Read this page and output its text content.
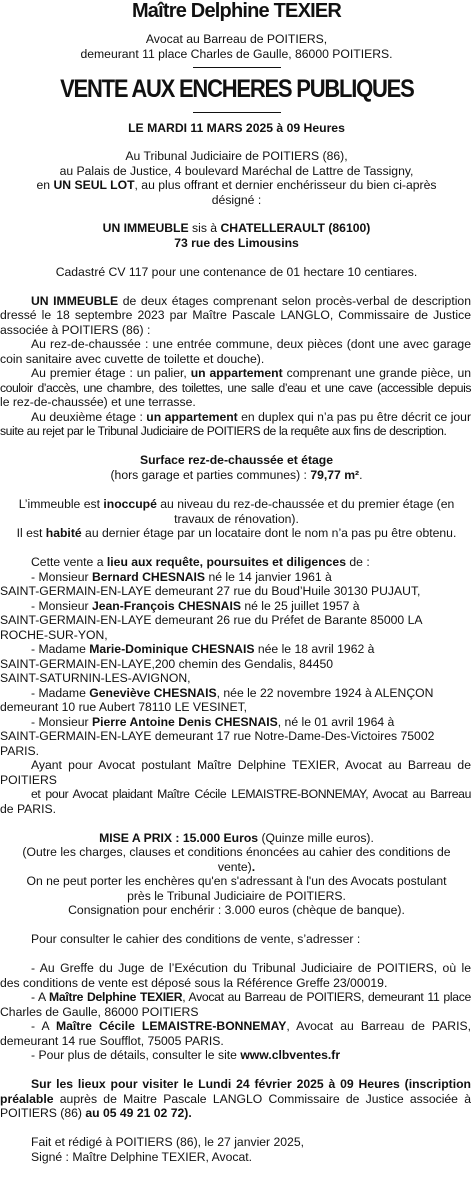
Maître Delphine TEXIER
Avocat au Barreau de POITIERS,
demeurant 11 place Charles de Gaulle, 86000 POITIERS.
VENTE AUX ENCHERES PUBLIQUES
LE MARDI 11 MARS 2025 à 09 Heures
Au Tribunal Judiciaire de POITIERS (86),
au Palais de Justice, 4 boulevard Maréchal de Lattre de Tassigny,
en UN SEUL LOT, au plus offrant et dernier enchérisseur du bien ci-après
désigné :
UN IMMEUBLE sis à CHATELLERAULT (86100)
73 rue des Limousins
Cadastré CV 117 pour une contenance de 01 hectare 10 centiares.
UN IMMEUBLE de deux étages comprenant selon procès-verbal de description
dressé le 18 septembre 2023 par Maître Pascale LANGLO, Commissaire de Justice
associée à POITIERS (86) :
Au rez-de-chaussée : une entrée commune, deux pièces (dont une avec garage
coin sanitaire avec cuvette de toilette et douche).
Au premier étage : un palier, un appartement comprenant une grande pièce, un
couloir d’accès, une chambre, des toilettes, une salle d’eau et une cave (accessible depuis
le rez-de-chaussée) et une terrasse.
Au deuxième étage : un appartement en duplex qui n’a pas pu être décrit ce jour
suite au rejet par le Tribunal Judiciaire de POITIERS de la requête aux fins de description.
Surface rez-de-chaussée et étage
(hors garage et parties communes) : 79,77 m².
L’immeuble est inoccupé au niveau du rez-de-chaussée et du premier étage (en
travaux de rénovation).
Il est habité au dernier étage par un locataire dont le nom n’a pas pu être obtenu.
Cette vente a lieu aux requête, poursuites et diligences de :
- Monsieur Bernard CHESNAIS né le 14 janvier 1961 à
SAINT-GERMAIN-EN-LAYE demeurant 27 rue du Boud’Huile 30130 PUJAUT,
- Monsieur Jean-François CHESNAIS né le 25 juillet 1957 à
SAINT-GERMAIN-EN-LAYE demeurant 26 rue du Préfet de Barante 85000 LA
ROCHE-SUR-YON,
- Madame Marie-Dominique CHESNAIS née le 18 avril 1962 à
SAINT-GERMAIN-EN-LAYE,200 chemin des Gendalis, 84450
SAINT-SATURNIN-LES-AVIGNON,
- Madame Geneviève CHESNAIS, née le 22 novembre 1924 à ALENÇON
demeurant 10 rue Aubert 78110 LE VESINET,
- Monsieur Pierre Antoine Denis CHESNAIS, né le 01 avril 1964 à
SAINT-GERMAIN-EN-LAYE demeurant 17 rue Notre-Dame-Des-Victoires 75002
PARIS.
Ayant pour Avocat postulant Maître Delphine TEXIER, Avocat au Barreau de
POITIERS
et pour Avocat plaidant Maître Cécile LEMAISTRE-BONNEMAY, Avocat au Barreau
de PARIS.
MISE A PRIX : 15.000 Euros (Quinze mille euros).
(Outre les charges, clauses et conditions énoncées au cahier des conditions de
vente).
On ne peut porter les enchères qu'en s'adressant à l'un des Avocats postulant
près le Tribunal Judiciaire de POITIERS.
Consignation pour enchérir : 3.000 euros (chèque de banque).
Pour consulter le cahier des conditions de vente, s’adresser :
- Au Greffe du Juge de l’Exécution du Tribunal Judiciaire de POITIERS, où le
des conditions de vente est déposé sous la Référence Greffe 23/00019.
- A Maître Delphine TEXIER, Avocat au Barreau de POITIERS, demeurant 11 place
Charles de Gaulle, 86000 POITIERS
- A Maître Cécile LEMAISTRE-BONNEMAY, Avocat au Barreau de PARIS,
demeurant 14 rue Soufflot, 75005 PARIS.
- Pour plus de détails, consulter le site www.clbventes.fr
Sur les lieux pour visiter le Lundi 24 février 2025 à 09 Heures (inscription
préalable auprès de Maitre Pascale LANGLO Commissaire de Justice associée à
POITIERS (86) au 05 49 21 02 72).
Fait et rédigé à POITIERS (86), le 27 janvier 2025,
Signé : Maître Delphine TEXIER, Avocat.
